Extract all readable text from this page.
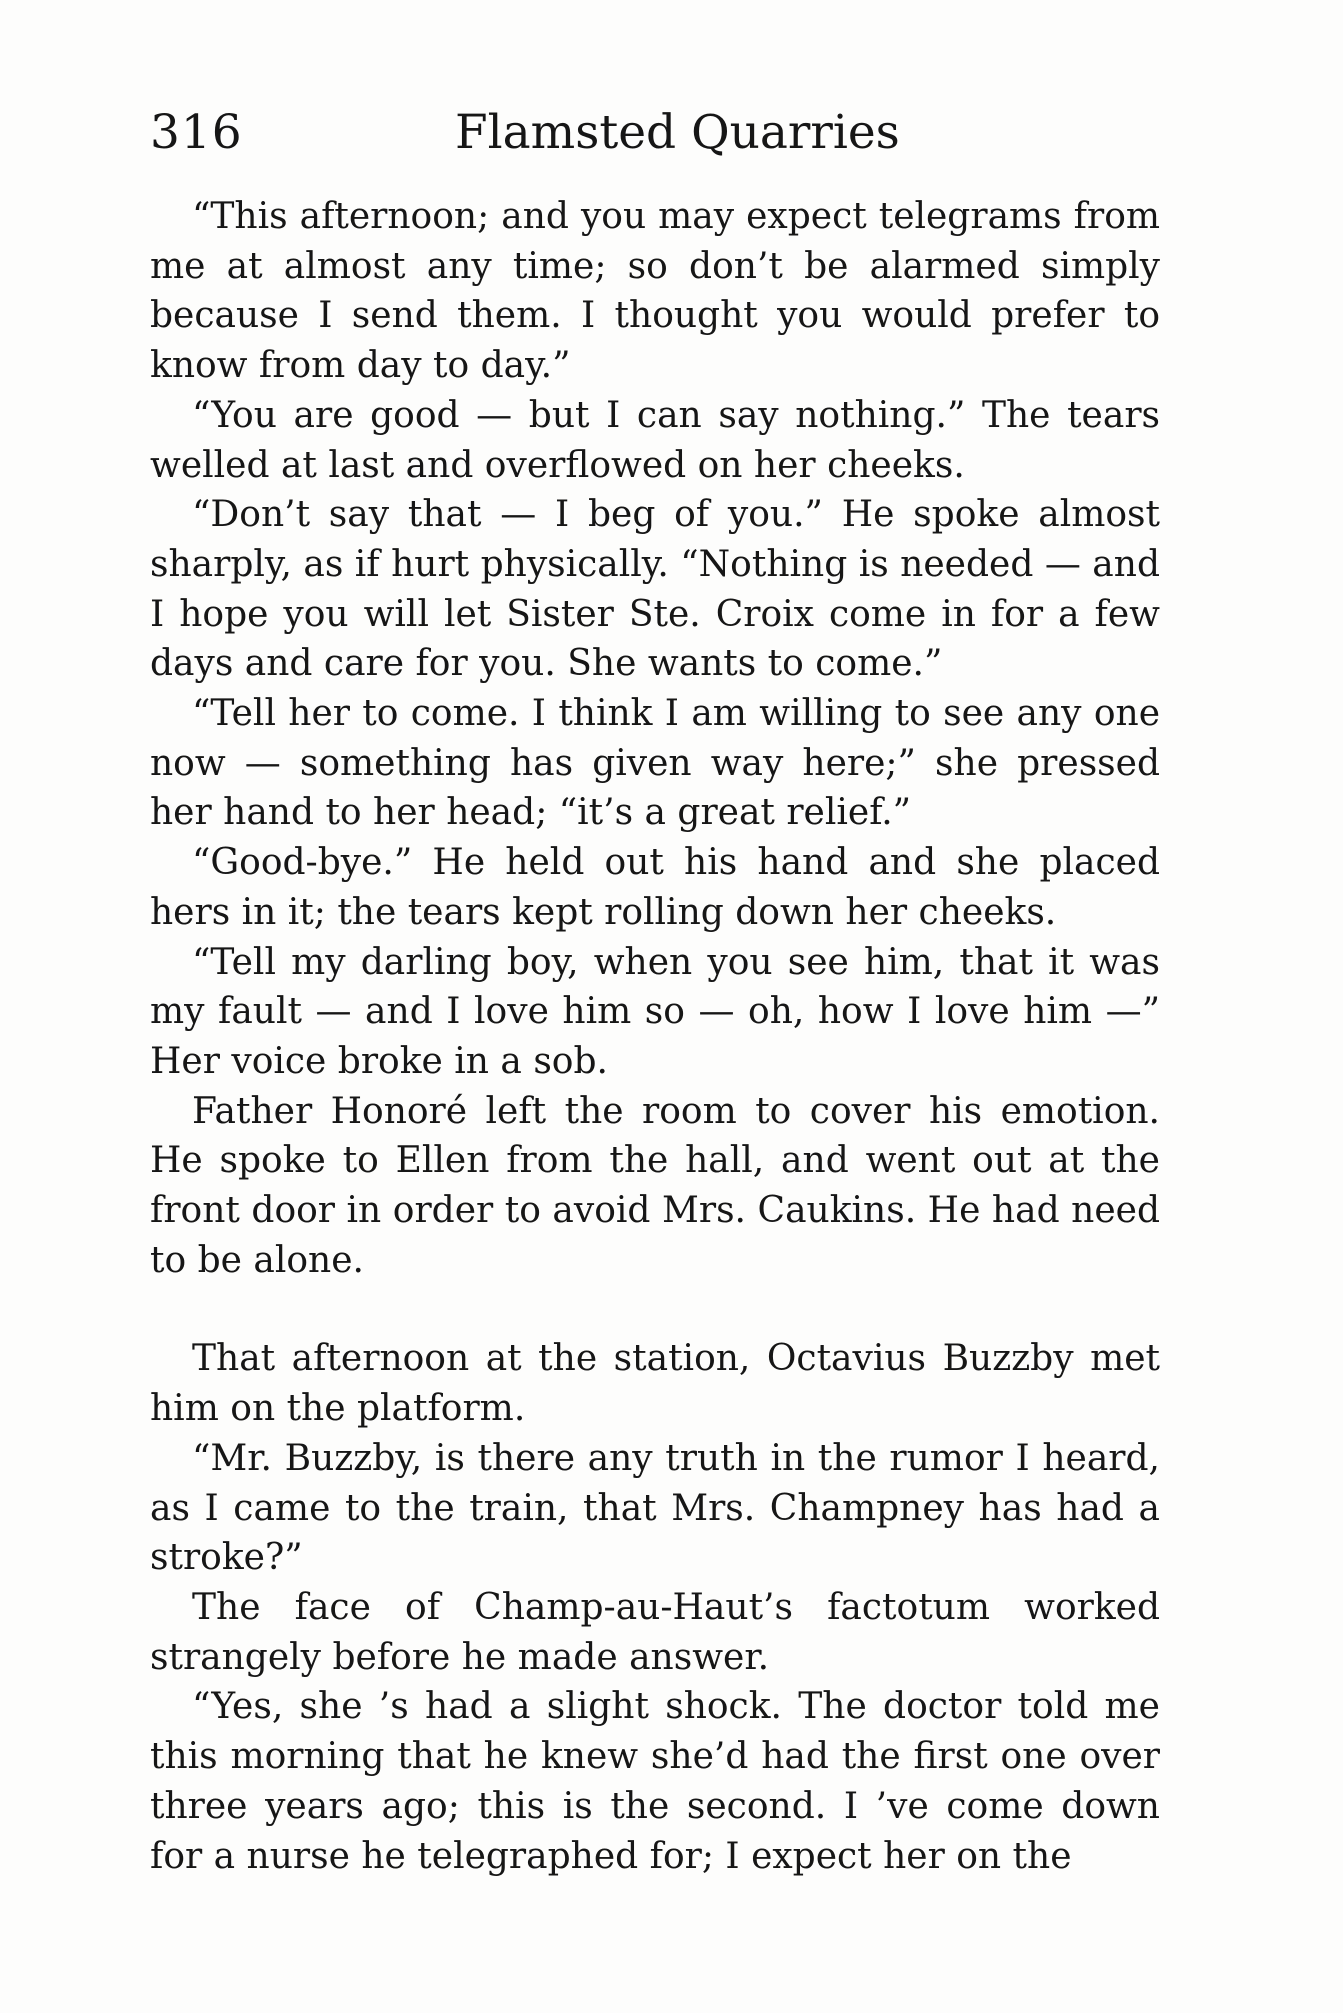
316	Flamsted Quarries

“This afternoon; and you may expect telegrams from me at almost any time; so don’t be alarmed simply because I send them. I thought you would prefer to know from day to day.”

“You are good — but I can say nothing.” The tears welled at last and overflowed on her cheeks.

“Don’t say that — I beg of you.” He spoke almost sharply, as if hurt physically. “Nothing is needed — and I hope you will let Sister Ste. Croix come in for a few days and care for you. She wants to come.”

“Tell her to come. I think I am willing to see any one now — something has given way here;” she pressed her hand to her head; “it’s a great relief.”

“Good-bye.” He held out his hand and she placed hers in it; the tears kept rolling down her cheeks.

“Tell my darling boy, when you see him, that it was my fault — and I love him so — oh, how I love him —” Her voice broke in a sob.

Father Honoré left the room to cover his emotion. He spoke to Ellen from the hall, and went out at the front door in order to avoid Mrs. Caukins. He had need to be alone.

That afternoon at the station, Octavius Buzzby met him on the platform.

“Mr. Buzzby, is there any truth in the rumor I heard, as I came to the train, that Mrs. Champney has had a stroke?”

The face of Champ-au-Haut’s factotum worked strangely before he made answer.

“Yes, she ’s had a slight shock. The doctor told me this morning that he knew she’d had the first one over three years ago; this is the second. I ’ve come down for a nurse he telegraphed for; I expect her on the
